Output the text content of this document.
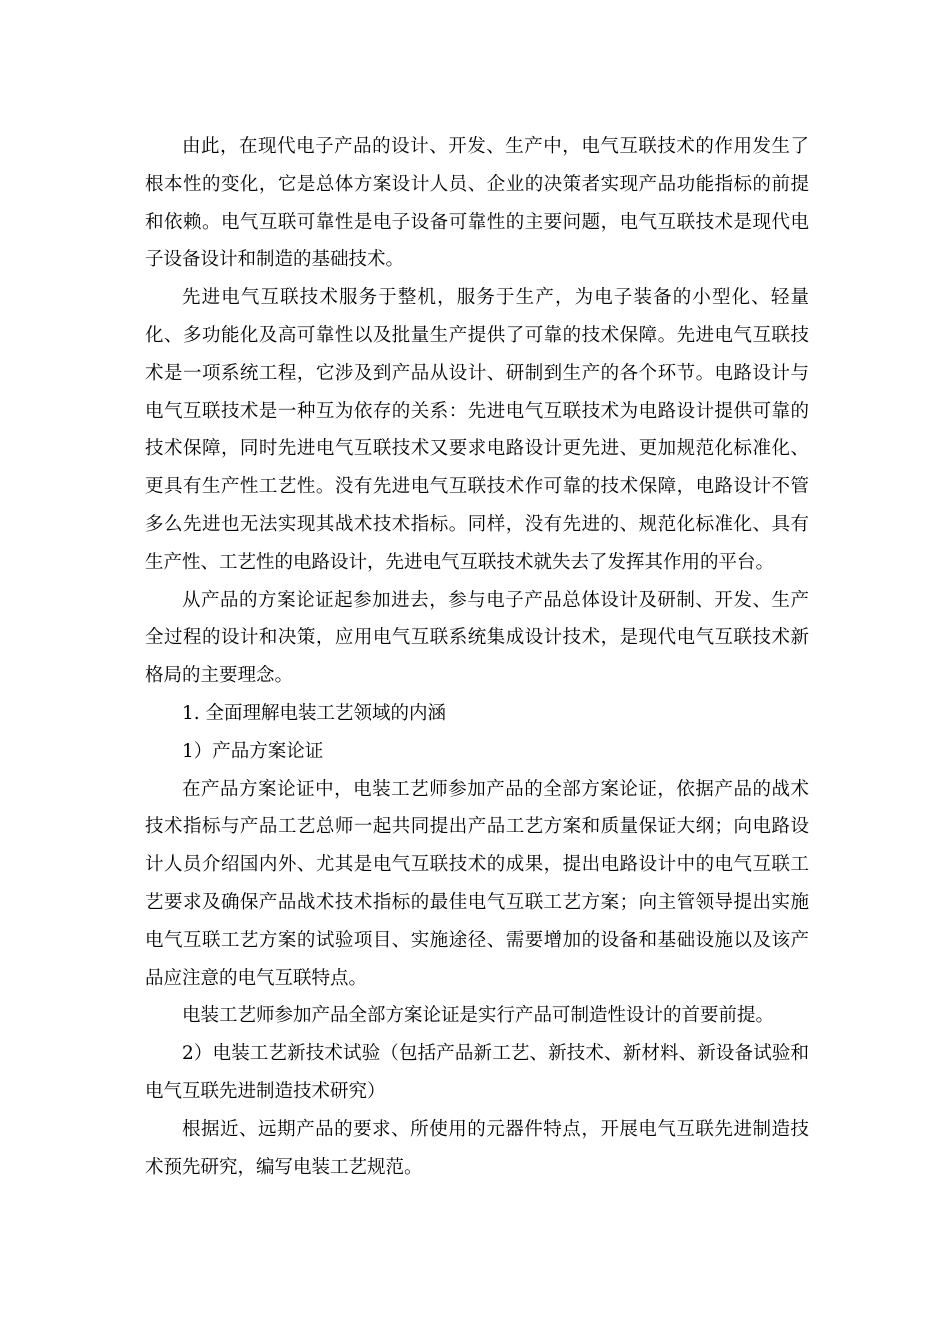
由此，在现代电子产品的设计、开发、生产中，电气互联技术的作用发生了根本性的变化，它是总体方案设计人员、企业的决策者实现产品功能指标的前提和依赖。电气互联可靠性是电子设备可靠性的主要问题，电气互联技术是现代电子设备设计和制造的基础技术。

先进电气互联技术服务于整机，服务于生产，为电子装备的小型化、轻量化、多功能化及高可靠性以及批量生产提供了可靠的技术保障。先进电气互联技术是一项系统工程，它涉及到产品从设计、研制到生产的各个环节。电路设计与电气互联技术是一种互为依存的关系：先进电气互联技术为电路设计提供可靠的技术保障，同时先进电气互联技术又要求电路设计更先进、更加规范化标准化、更具有生产性工艺性。没有先进电气互联技术作可靠的技术保障，电路设计不管多么先进也无法实现其战术技术指标。同样，没有先进的、规范化标准化、具有生产性、工艺性的电路设计，先进电气互联技术就失去了发挥其作用的平台。

从产品的方案论证起参加进去，参与电子产品总体设计及研制、开发、生产全过程的设计和决策，应用电气互联系统集成设计技术，是现代电气互联技术新格局的主要理念。

1. 全面理解电装工艺领域的内涵

1）产品方案论证

在产品方案论证中，电装工艺师参加产品的全部方案论证，依据产品的战术技术指标与产品工艺总师一起共同提出产品工艺方案和质量保证大纲；向电路设计人员介绍国内外、尤其是电气互联技术的成果，提出电路设计中的电气互联工艺要求及确保产品战术技术指标的最佳电气互联工艺方案；向主管领导提出实施电气互联工艺方案的试验项目、实施途径、需要增加的设备和基础设施以及该产品应注意的电气互联特点。

电装工艺师参加产品全部方案论证是实行产品可制造性设计的首要前提。

2）电装工艺新技术试验（包括产品新工艺、新技术、新材料、新设备试验和电气互联先进制造技术研究）

根据近、远期产品的要求、所使用的元器件特点，开展电气互联先进制造技术预先研究，编写电装工艺规范。
